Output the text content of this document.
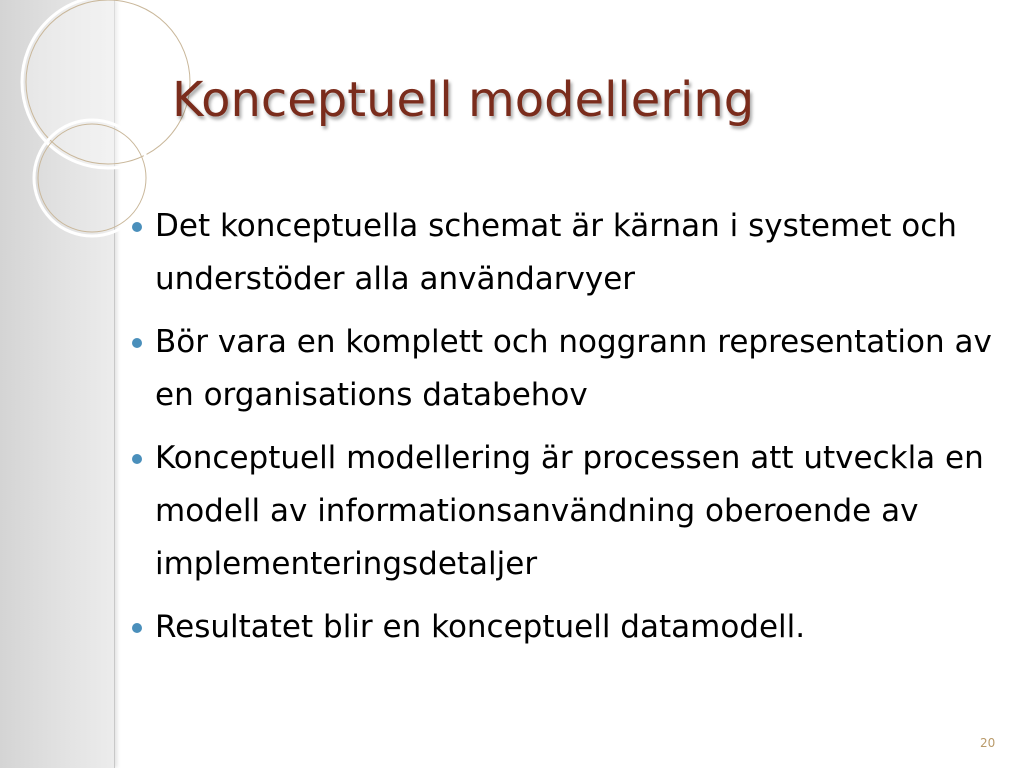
Konceptuell modellering
Det konceptuella schemat är kärnan i systemet och understöder alla användarvyer
Bör vara en komplett och noggrann representation av en organisations databehov
Konceptuell modellering är processen att utveckla en modell av informationsanvändning oberoende av implementeringsdetaljer
Resultatet blir en konceptuell datamodell.
20
